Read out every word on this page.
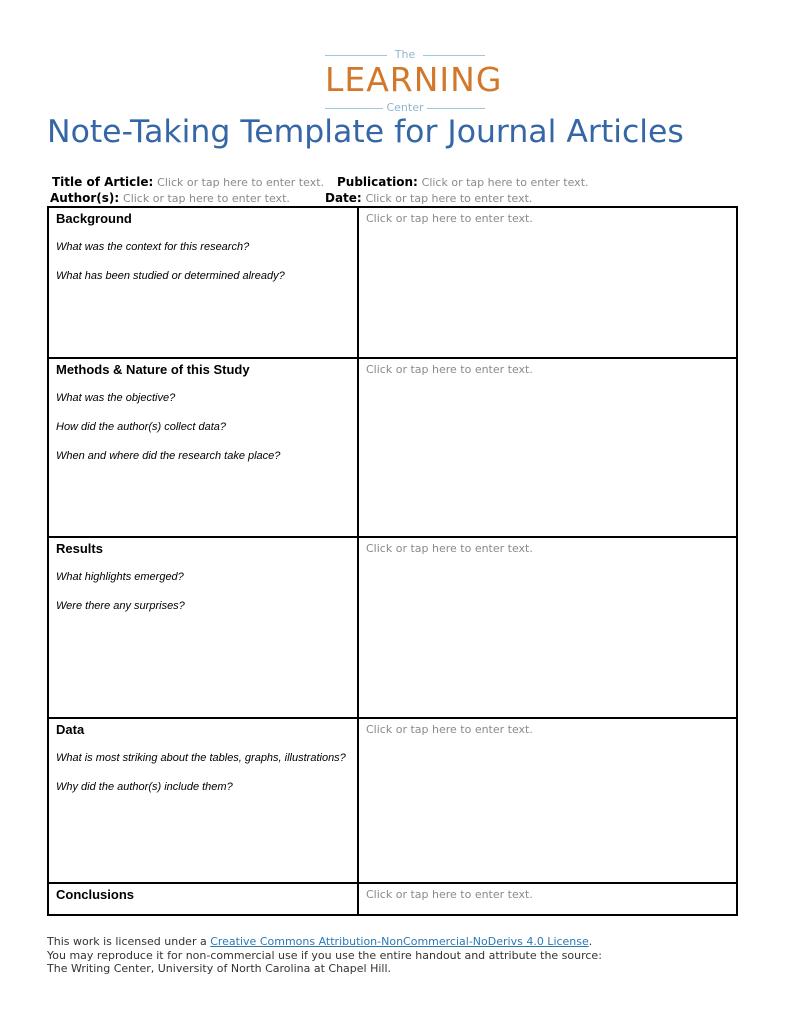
The
LEARNING
Center
Note-Taking Template for Journal Articles
Title of Article: Click or tap here to enter text. Publication: Click or tap here to enter text.
Author(s): Click or tap here to enter text.	Date: Click or tap here to enter text.
Background
What was the context for this research?
What has been studied or determined already?	Click or tap here to enter text.

Methods & Nature of this Study
What was the objective?
How did the author(s) collect data?
When and where did the research take place?	Click or tap here to enter text.

Results
What highlights emerged?
Were there any surprises?	Click or tap here to enter text.

Data
What is most striking about the tables, graphs, illustrations?
Why did the author(s) include them?	Click or tap here to enter text.

Conclusions	Click or tap here to enter text.
This work is licensed under a Creative Commons Attribution-NonCommercial-NoDerivs 4.0 License.
You may reproduce it for non-commercial use if you use the entire handout and attribute the source:
The Writing Center, University of North Carolina at Chapel Hill.
